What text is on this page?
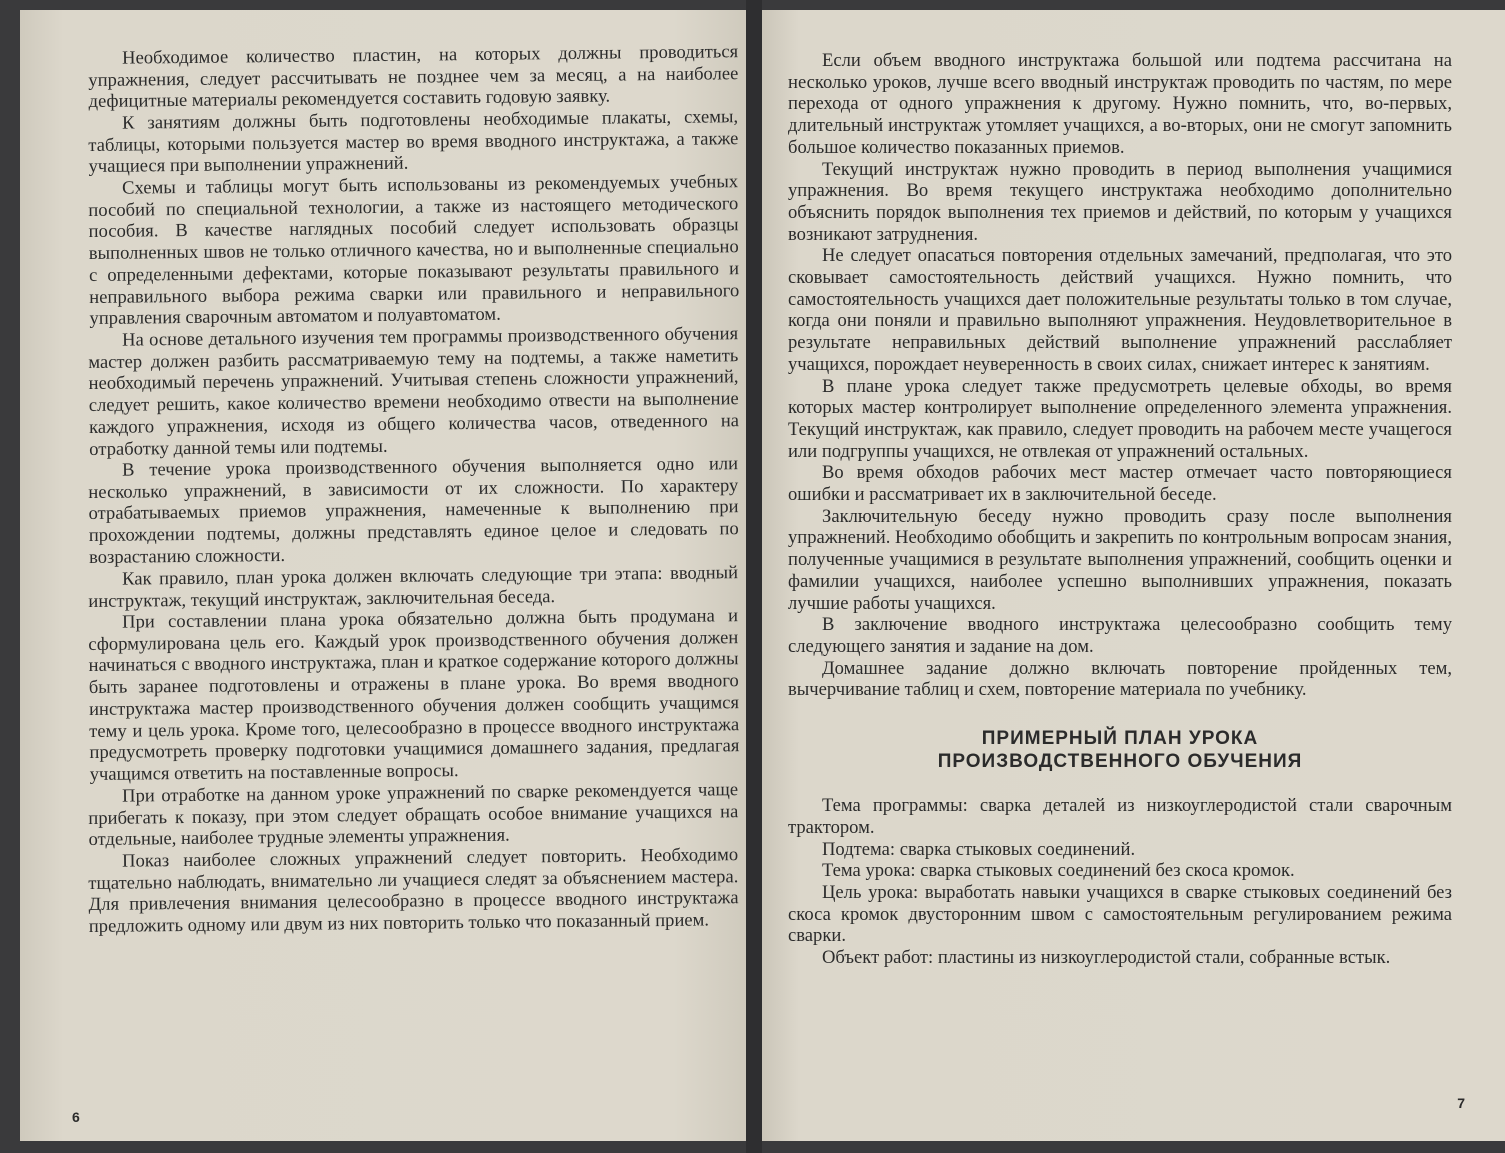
Необходимое количество пластин, на которых должны проводиться упражнения, следует рассчитывать не позднее чем за месяц, а на наиболее дефицитные материалы рекомендуется составить годовую заявку.

К занятиям должны быть подготовлены необходимые плакаты, схемы, таблицы, которыми пользуется мастер во время вводного инструктажа, а также учащиеся при выполнении упражнений.

Схемы и таблицы могут быть использованы из рекомендуемых учебных пособий по специальной технологии, а также из настоящего методического пособия. В качестве наглядных пособий следует использовать образцы выполненных швов не только отличного качества, но и выполненные специально с определенными дефектами, которые показывают результаты правильного и неправильного выбора режима сварки или правильного и неправильного управления сварочным автоматом и полуавтоматом.

На основе детального изучения тем программы производственного обучения мастер должен разбить рассматриваемую тему на подтемы, а также наметить необходимый перечень упражнений. Учитывая степень сложности упражнений, следует решить, какое количество времени необходимо отвести на выполнение каждого упражнения, исходя из общего количества часов, отведенного на отработку данной темы или подтемы.

В течение урока производственного обучения выполняется одно или несколько упражнений, в зависимости от их сложности. По характеру отрабатываемых приемов упражнения, намеченные к выполнению при прохождении подтемы, должны представлять единое целое и следовать по возрастанию сложности.

Как правило, план урока должен включать следующие три этапа: вводный инструктаж, текущий инструктаж, заключительная беседа.

При составлении плана урока обязательно должна быть продумана и сформулирована цель его. Каждый урок производственного обучения должен начинаться с вводного инструктажа, план и краткое содержание которого должны быть заранее подготовлены и отражены в плане урока. Во время вводного инструктажа мастер производственного обучения должен сообщить учащимся тему и цель урока. Кроме того, целесообразно в процессе вводного инструктажа предусмотреть проверку подготовки учащимися домашнего задания, предлагая учащимся ответить на поставленные вопросы.

При отработке на данном уроке упражнений по сварке рекомендуется чаще прибегать к показу, при этом следует обращать особое внимание учащихся на отдельные, наиболее трудные элементы упражнения.

Показ наиболее сложных упражнений следует повторить. Необходимо тщательно наблюдать, внимательно ли учащиеся следят за объяснением мастера. Для привлечения внимания целесообразно в процессе вводного инструктажа предложить одному или двум из них повторить только что показанный прием.

6

Если объем вводного инструктажа большой или подтема рассчитана на несколько уроков, лучше всего вводный инструктаж проводить по частям, по мере перехода от одного упражнения к другому. Нужно помнить, что, во-первых, длительный инструктаж утомляет учащихся, а во-вторых, они не смогут запомнить большое количество показанных приемов.

Текущий инструктаж нужно проводить в период выполнения учащимися упражнения. Во время текущего инструктажа необходимо дополнительно объяснить порядок выполнения тех приемов и действий, по которым у учащихся возникают затруднения.

Не следует опасаться повторения отдельных замечаний, предполагая, что это сковывает самостоятельность действий учащихся. Нужно помнить, что самостоятельность учащихся дает положительные результаты только в том случае, когда они поняли и правильно выполняют упражнения. Неудовлетворительное в результате неправильных действий выполнение упражнений расслабляет учащихся, порождает неуверенность в своих силах, снижает интерес к занятиям.

В плане урока следует также предусмотреть целевые обходы, во время которых мастер контролирует выполнение определенного элемента упражнения. Текущий инструктаж, как правило, следует проводить на рабочем месте учащегося или подгруппы учащихся, не отвлекая от упражнений остальных.

Во время обходов рабочих мест мастер отмечает часто повторяющиеся ошибки и рассматривает их в заключительной беседе.

Заключительную беседу нужно проводить сразу после выполнения упражнений. Необходимо обобщить и закрепить по контрольным вопросам знания, полученные учащимися в результате выполнения упражнений, сообщить оценки и фамилии учащихся, наиболее успешно выполнивших упражнения, показать лучшие работы учащихся.

В заключение вводного инструктажа целесообразно сообщить тему следующего занятия и задание на дом.

Домашнее задание должно включать повторение пройденных тем, вычерчивание таблиц и схем, повторение материала по учебнику.

ПРИМЕРНЫЙ ПЛАН УРОКА
ПРОИЗВОДСТВЕННОГО ОБУЧЕНИЯ

Тема программы: сварка деталей из низкоуглеродистой стали сварочным трактором.

Подтема: сварка стыковых соединений.

Тема урока: сварка стыковых соединений без скоса кромок.

Цель урока: выработать навыки учащихся в сварке стыковых соединений без скоса кромок двусторонним швом с самостоятельным регулированием режима сварки.

Объект работ: пластины из низкоуглеродистой стали, собранные встык.

7
